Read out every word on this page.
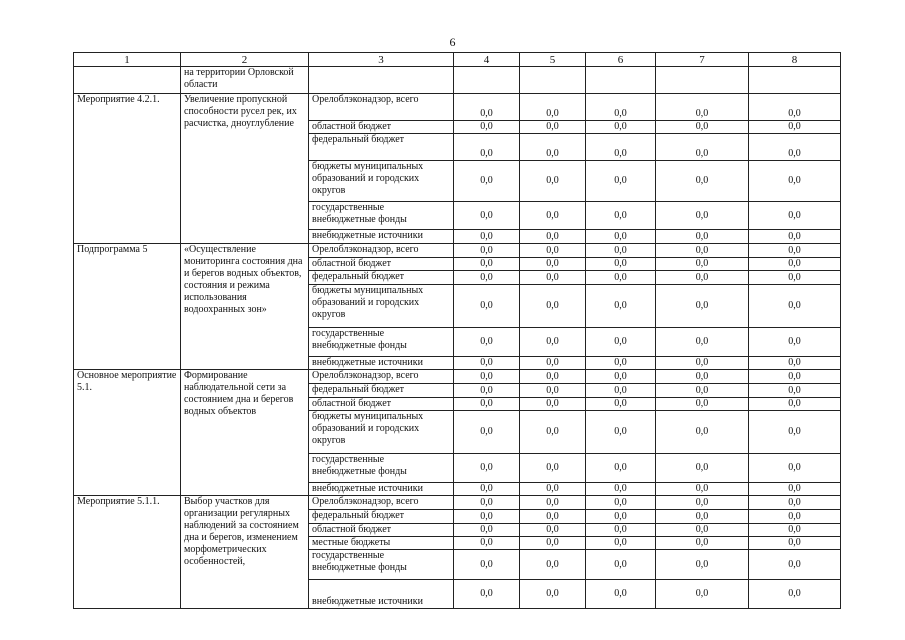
6
1	2	3	4	5	6	7	8
	на территории Орловской области						
Мероприятие 4.2.1.	Увеличение пропускной способности русел рек, их расчистка, дноуглубление	Орелоблэконадзор, всего	0,0	0,0	0,0	0,0	0,0
		областной бюджет	0,0	0,0	0,0	0,0	0,0
		федеральный бюджет	0,0	0,0	0,0	0,0	0,0
		бюджеты муниципальных образований и городских округов	0,0	0,0	0,0	0,0	0,0
		государственные внебюджетные фонды	0,0	0,0	0,0	0,0	0,0
		внебюджетные источники	0,0	0,0	0,0	0,0	0,0
Подпрограмма 5	«Осуществление мониторинга состояния дна и берегов водных объектов, состояния и режима использования водоохранных зон»	Орелоблэконадзор, всего	0,0	0,0	0,0	0,0	0,0
		областной бюджет	0,0	0,0	0,0	0,0	0,0
		федеральный бюджет	0,0	0,0	0,0	0,0	0,0
		бюджеты муниципальных образований и городских округов	0,0	0,0	0,0	0,0	0,0
		государственные внебюджетные фонды	0,0	0,0	0,0	0,0	0,0
		внебюджетные источники	0,0	0,0	0,0	0,0	0,0
Основное мероприятие 5.1.	Формирование наблюдательной сети за состоянием дна и берегов водных объектов	Орелоблэконадзор, всего	0,0	0,0	0,0	0,0	0,0
		федеральный бюджет	0,0	0,0	0,0	0,0	0,0
		областной бюджет	0,0	0,0	0,0	0,0	0,0
		бюджеты муниципальных образований и городских округов	0,0	0,0	0,0	0,0	0,0
		государственные внебюджетные фонды	0,0	0,0	0,0	0,0	0,0
		внебюджетные источники	0,0	0,0	0,0	0,0	0,0
Мероприятие 5.1.1.	Выбор участков для организации регулярных наблюдений за состоянием дна и берегов, изменением морфометрических особенностей,	Орелоблэконадзор, всего	0,0	0,0	0,0	0,0	0,0
		федеральный бюджет	0,0	0,0	0,0	0,0	0,0
		областной бюджет	0,0	0,0	0,0	0,0	0,0
		местные бюджеты	0,0	0,0	0,0	0,0	0,0
		государственные внебюджетные фонды	0,0	0,0	0,0	0,0	0,0
		внебюджетные источники	0,0	0,0	0,0	0,0	0,0
